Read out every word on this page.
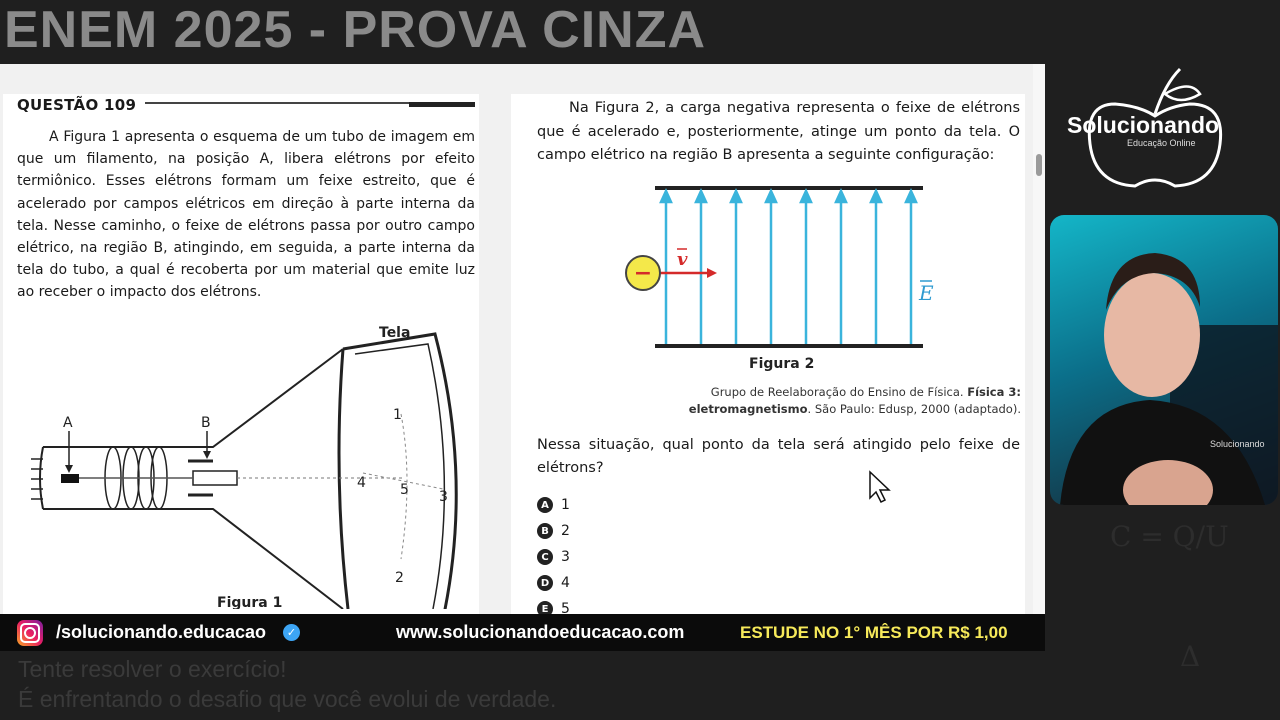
C = Q/U
Δ
ENEM 2025 - PROVA CINZA
QUESTÃO 109
A Figura 1 apresenta o esquema de um tubo de imagem em que um filamento, na posição A, libera elétrons por efeito termiônico. Esses elétrons formam um feixe estreito, que é acelerado por campos elétricos em direção à parte interna da tela. Nesse caminho, o feixe de elétrons passa por outro campo elétrico, na região B, atingindo, em seguida, a parte interna da tela do tubo, a qual é recoberta por um material que emite luz ao receber o impacto dos elétrons.
Tela
A	B	1
2
3
4 5
Figura 1
Na Figura 2, a carga negativa representa o feixe de elétrons que é acelerado e, posteriormente, atinge um ponto da tela. O campo elétrico na região B apresenta a seguinte configuração:
−
v
E
Figura 2
Grupo de Reelaboração do Ensino de Física. Física 3:
eletromagnetismo. São Paulo: Edusp, 2000 (adaptado).
Nessa situação, qual ponto da tela será atingido pelo feixe de elétrons?
A 1
B 2
C 3
D 4
E 5
/solucionando.educacao	✓	www.solucionandoeducacao.com	ESTUDE NO 1° MÊS POR R$ 1,00
Tente resolver o exercício!
É enfrentando o desafio que você evolui de verdade.
Solucionando
Educação Online
Solucionando
